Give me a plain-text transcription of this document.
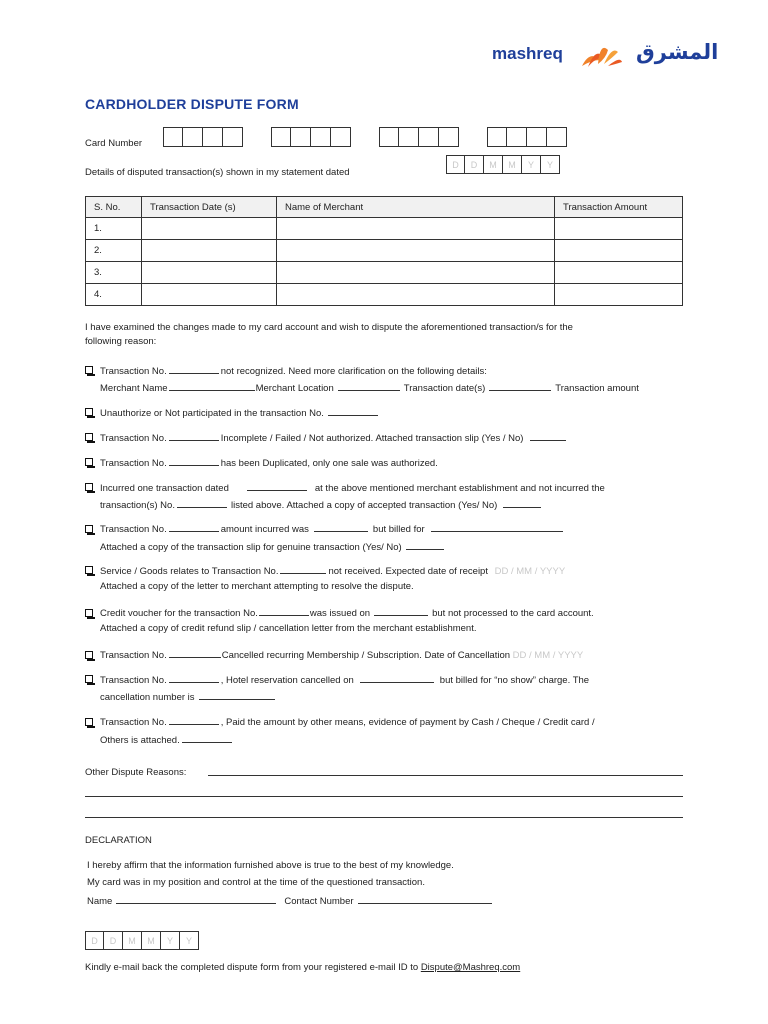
mashreq	المشرق
CARDHOLDER DISPUTE FORM
Card Number
Details of disputed transaction(s) shown in my statement dated
D	D	M	M	Y	Y
S. No.	Transaction Date (s)	Name of Merchant	Transaction Amount
1.			
2.			
3.			
4.			
I have examined the changes made to my card account and wish to dispute the aforementioned transaction/s for the
following reason:
Transaction No.	not recognized. Need more clarification on the following details:
Merchant Name	Merchant Location	Transaction date(s)	Transaction amount
Unauthorize or Not participated in the transaction No.
Transaction No.	Incomplete / Failed / Not authorized. Attached transaction slip (Yes / No)
Transaction No.	has been Duplicated, only one sale was authorized.
Incurred one transaction dated	at the above mentioned merchant establishment and not incurred the
transaction(s) No.	listed above. Attached a copy of accepted transaction (Yes/ No)
Transaction No.	amount incurred was	but billed for
Attached a copy of the transaction slip for genuine transaction (Yes/ No)
Service / Goods relates to Transaction No.	not received. Expected date of receipt DD / MM / YYYY
Attached a copy of the letter to merchant attempting to resolve the dispute.
Credit voucher for the transaction No.	was issued on	but not processed to the card account.
Attached a copy of credit refund slip / cancellation letter from the merchant establishment.
Transaction No.	Cancelled recurring Membership / Subscription. Date of Cancellation DD / MM / YYYY
Transaction No.	, Hotel reservation cancelled on	but billed for “no show” charge. The
cancellation number is
Transaction No.	, Paid the amount by other means, evidence of payment by Cash / Cheque / Credit card /
Others is attached.
Other Dispute Reasons:
DECLARATION
I hereby affirm that the information furnished above is true to the best of my knowledge.
My card was in my position and control at the time of the questioned transaction.
Name	Contact Number
D	D	M	M	Y	Y
Kindly e-mail back the completed dispute form from your registered e-mail ID to Dispute@Mashreq.com
